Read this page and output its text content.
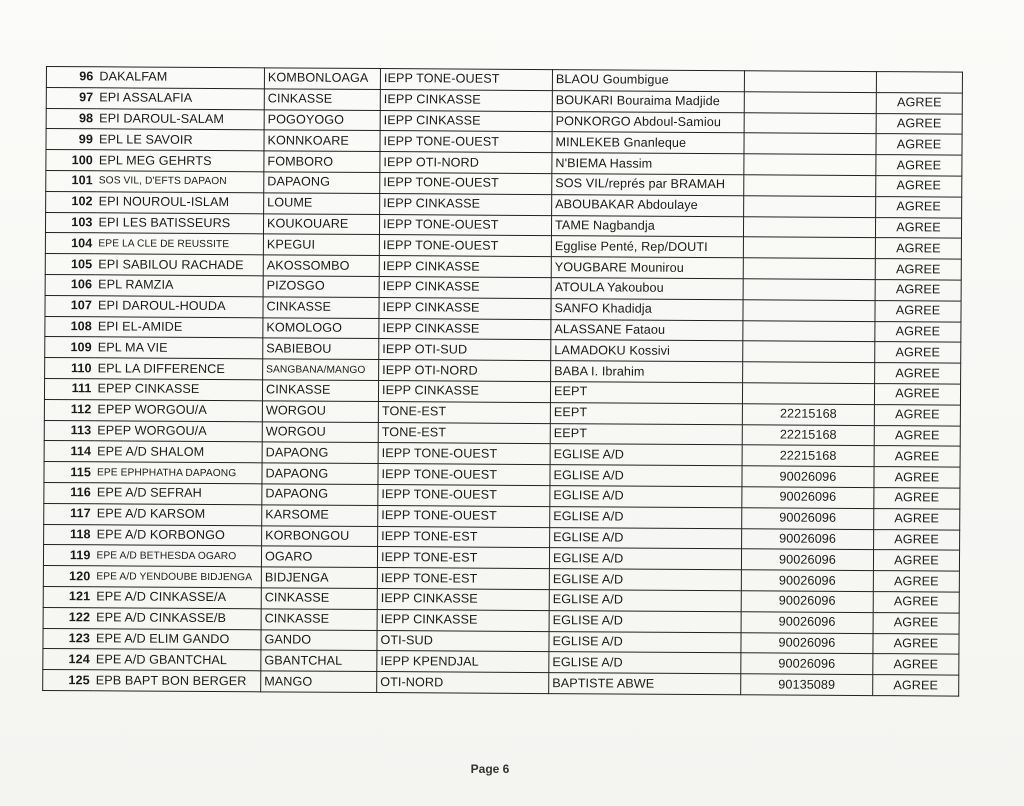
96	DAKALFAM	KOMBONLOAGA	IEPP TONE-OUEST	BLAOU Goumbigue		
97	EPI ASSALAFIA	CINKASSE	IEPP CINKASSE	BOUKARI Bouraima Madjide		AGREE
98	EPI DAROUL-SALAM	POGOYOGO	IEPP CINKASSE	PONKORGO Abdoul-Samiou		AGREE
99	EPL LE SAVOIR	KONNKOARE	IEPP TONE-OUEST	MINLEKEB Gnanleque		AGREE
100	EPL MEG GEHRTS	FOMBORO	IEPP OTI-NORD	N'BIEMA Hassim		AGREE
101	SOS VIL, D'EFTS DAPAON	DAPAONG	IEPP TONE-OUEST	SOS VIL/représ par BRAMAH		AGREE
102	EPI NOUROUL-ISLAM	LOUME	IEPP CINKASSE	ABOUBAKAR Abdoulaye		AGREE
103	EPI LES BATISSEURS	KOUKOUARE	IEPP TONE-OUEST	TAME Nagbandja		AGREE
104	EPE LA CLE DE REUSSITE	KPEGUI	IEPP TONE-OUEST	Egglise Penté, Rep/DOUTI		AGREE
105	EPI SABILOU RACHADE	AKOSSOMBO	IEPP CINKASSE	YOUGBARE Mounirou		AGREE
106	EPL RAMZIA	PIZOSGO	IEPP CINKASSE	ATOULA Yakoubou		AGREE
107	EPI DAROUL-HOUDA	CINKASSE	IEPP CINKASSE	SANFO Khadidja		AGREE
108	EPI EL-AMIDE	KOMOLOGO	IEPP CINKASSE	ALASSANE Fataou		AGREE
109	EPL MA VIE	SABIEBOU	IEPP OTI-SUD	LAMADOKU Kossivi		AGREE
110	EPL LA DIFFERENCE	SANGBANA/MANGO	IEPP OTI-NORD	BABA I. Ibrahim		AGREE
111	EPEP CINKASSE	CINKASSE	IEPP CINKASSE	EEPT		AGREE
112	EPEP WORGOU/A	WORGOU	TONE-EST	EEPT	22215168	AGREE
113	EPEP WORGOU/A	WORGOU	TONE-EST	EEPT	22215168	AGREE
114	EPE A/D SHALOM	DAPAONG	IEPP TONE-OUEST	EGLISE A/D	22215168	AGREE
115	EPE EPHPHATHA DAPAONG	DAPAONG	IEPP TONE-OUEST	EGLISE A/D	90026096	AGREE
116	EPE A/D SEFRAH	DAPAONG	IEPP TONE-OUEST	EGLISE A/D	90026096	AGREE
117	EPE A/D KARSOM	KARSOME	IEPP TONE-OUEST	EGLISE A/D	90026096	AGREE
118	EPE A/D KORBONGO	KORBONGOU	IEPP TONE-EST	EGLISE A/D	90026096	AGREE
119	EPE A/D BETHESDA OGARO	OGARO	IEPP TONE-EST	EGLISE A/D	90026096	AGREE
120	EPE A/D YENDOUBE BIDJENGA	BIDJENGA	IEPP TONE-EST	EGLISE A/D	90026096	AGREE
121	EPE A/D CINKASSE/A	CINKASSE	IEPP CINKASSE	EGLISE A/D	90026096	AGREE
122	EPE A/D CINKASSE/B	CINKASSE	IEPP CINKASSE	EGLISE A/D	90026096	AGREE
123	EPE A/D ELIM GANDO	GANDO	OTI-SUD	EGLISE A/D	90026096	AGREE
124	EPE A/D GBANTCHAL	GBANTCHAL	IEPP KPENDJAL	EGLISE A/D	90026096	AGREE
125	EPB BAPT BON BERGER	MANGO	OTI-NORD	BAPTISTE ABWE	90135089	AGREE
Page 6
